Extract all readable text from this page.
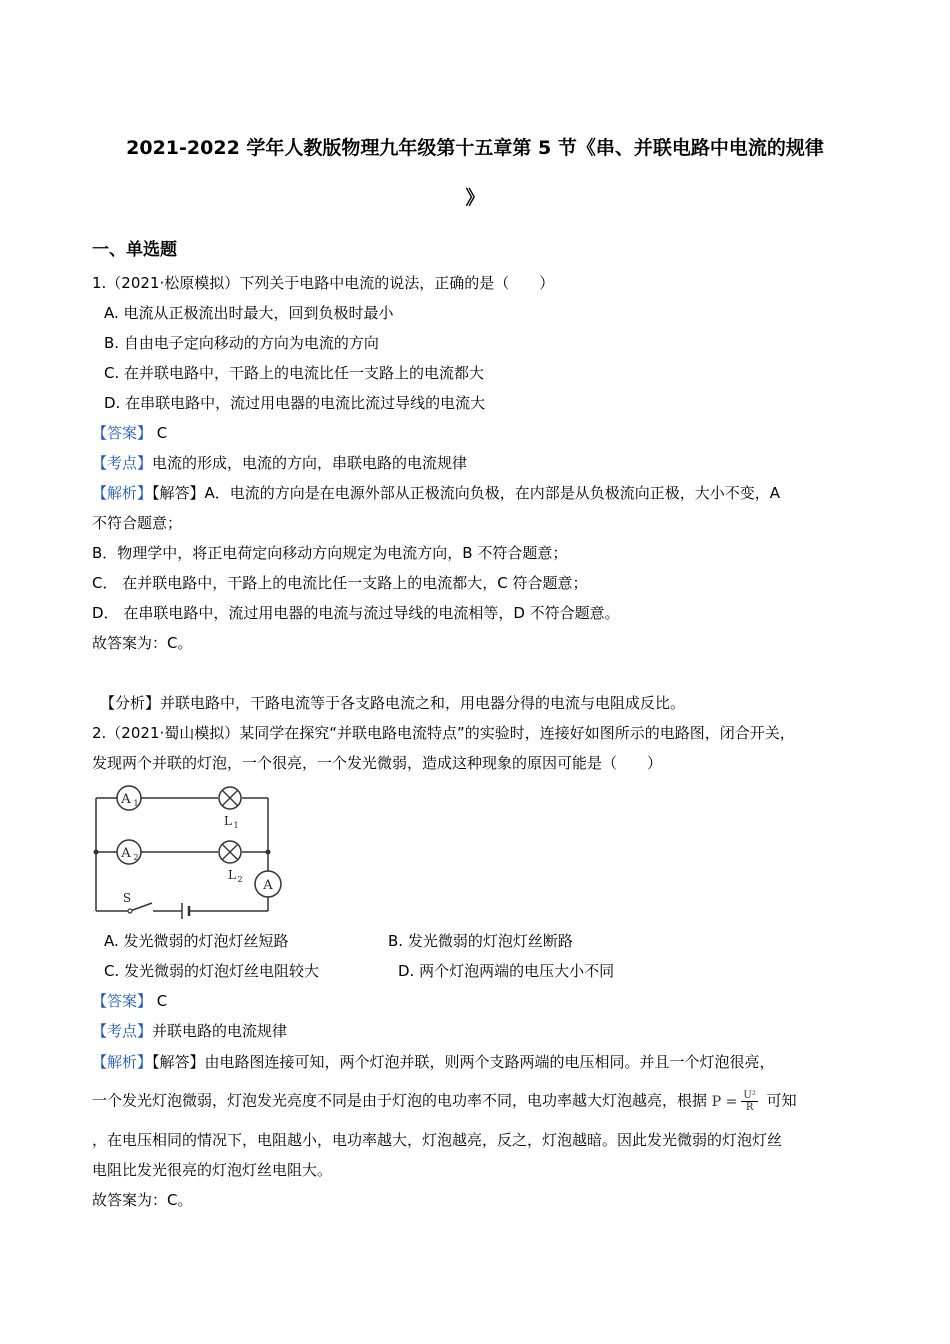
2021-2022 学年人教版物理九年级第十五章第 5 节《串、并联电路中电流的规律
》
一、单选题
1.（2021·松原模拟）下列关于电路中电流的说法，正确的是（　　）
A. 电流从正极流出时最大，回到负极时最小
B. 自由电子定向移动的方向为电流的方向
C. 在并联电路中，干路上的电流比任一支路上的电流都大
D. 在串联电路中，流过用电器的电流比流过导线的电流大
【答案】 C
【考点】电流的形成，电流的方向，串联电路的电流规律
【解析】【解答】A．电流的方向是在电源外部从正极流向负极，在内部是从负极流向正极，大小不变，A
不符合题意；
B．物理学中，将正电荷定向移动方向规定为电流方向，B 不符合题意；
C． 在并联电路中，干路上的电流比任一支路上的电流都大，C 符合题意；
D． 在串联电路中，流过用电器的电流与流过导线的电流相等，D 不符合题意。
故答案为：C。
【分析】并联电路中，干路电流等于各支路电流之和，用电器分得的电流与电阻成反比。
2.（2021·蜀山模拟）某同学在探究“并联电路电流特点”的实验时，连接好如图所示的电路图，闭合开关，
发现两个并联的灯泡，一个很亮，一个发光微弱，造成这种现象的原因可能是（　　）
A 1
A 2
L 1
L 2 A
S
A. 发光微弱的灯泡灯丝短路	B. 发光微弱的灯泡灯丝断路
C. 发光微弱的灯泡灯丝电阻较大	D. 两个灯泡两端的电压大小不同
【答案】 C
【考点】并联电路的电流规律
【解析】【解答】由电路图连接可知，两个灯泡并联，则两个支路两端的电压相同。并且一个灯泡很亮，
一个发光灯泡微弱，灯泡发光亮度不同是由于灯泡的电功率不同，电功率越大灯泡越亮，根据 $P = \frac{\text{U²}}{R}$ 可知
，在电压相同的情况下，电阻越小，电功率越大，灯泡越亮，反之，灯泡越暗。因此发光微弱的灯泡灯丝
电阻比发光很亮的灯泡灯丝电阻大。
故答案为：C。
